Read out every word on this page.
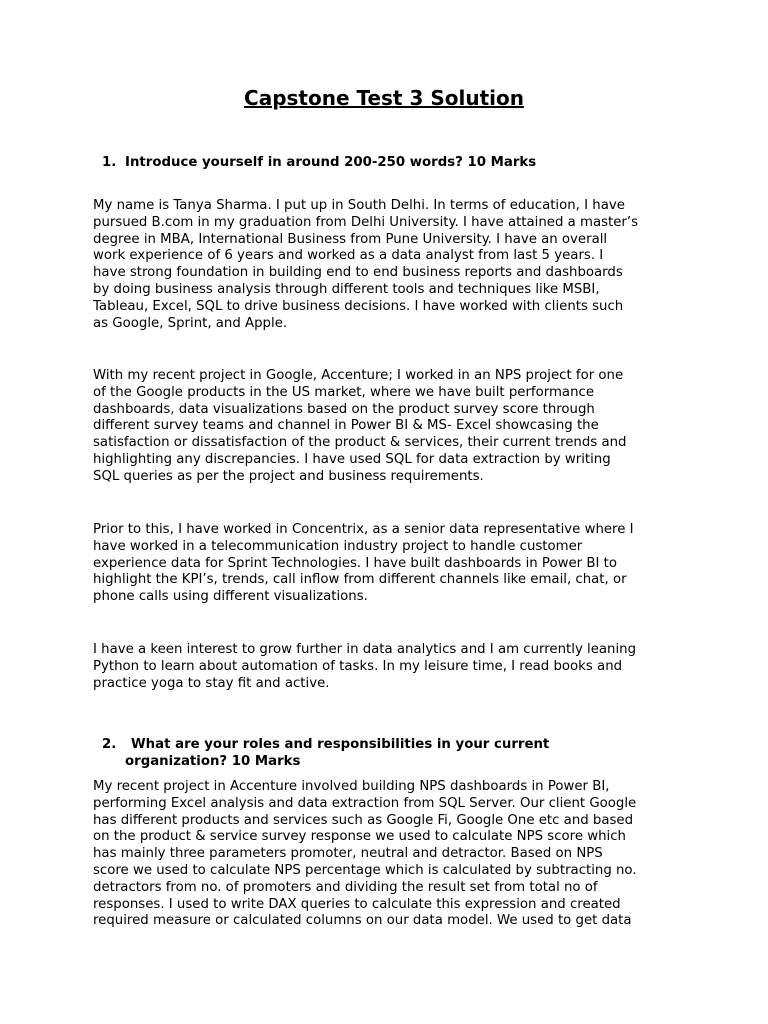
Capstone Test 3 Solution

1. Introduce yourself in around 200-250 words? 10 Marks

My name is Tanya Sharma. I put up in South Delhi. In terms of education, I have
pursued B.com in my graduation from Delhi University. I have attained a master’s
degree in MBA, International Business from Pune University. I have an overall
work experience of 6 years and worked as a data analyst from last 5 years. I
have strong foundation in building end to end business reports and dashboards
by doing business analysis through different tools and techniques like MSBI,
Tableau, Excel, SQL to drive business decisions. I have worked with clients such
as Google, Sprint, and Apple.

With my recent project in Google, Accenture; I worked in an NPS project for one
of the Google products in the US market, where we have built performance
dashboards, data visualizations based on the product survey score through
different survey teams and channel in Power BI & MS- Excel showcasing the
satisfaction or dissatisfaction of the product & services, their current trends and
highlighting any discrepancies. I have used SQL for data extraction by writing
SQL queries as per the project and business requirements.

Prior to this, I have worked in Concentrix, as a senior data representative where I
have worked in a telecommunication industry project to handle customer
experience data for Sprint Technologies. I have built dashboards in Power BI to
highlight the KPI’s, trends, call inflow from different channels like email, chat, or
phone calls using different visualizations.

I have a keen interest to grow further in data analytics and I am currently leaning
Python to learn about automation of tasks. In my leisure time, I read books and
practice yoga to stay fit and active.

2. What are your roles and responsibilities in your current
organization? 10 Marks

My recent project in Accenture involved building NPS dashboards in Power BI,
performing Excel analysis and data extraction from SQL Server. Our client Google
has different products and services such as Google Fi, Google One etc and based
on the product & service survey response we used to calculate NPS score which
has mainly three parameters promoter, neutral and detractor. Based on NPS
score we used to calculate NPS percentage which is calculated by subtracting no.
detractors from no. of promoters and dividing the result set from total no of
responses. I used to write DAX queries to calculate this expression and created
required measure or calculated columns on our data model. We used to get data
